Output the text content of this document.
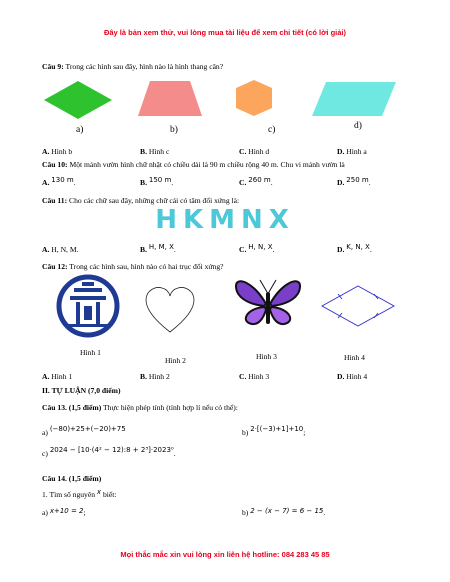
Đây là bản xem thử, vui lòng mua tài liệu để xem chi tiết (có lời giải)
Câu 9: Trong các hình sau đây, hình nào là hình thang cân?
a)	b)	c)	d)
A. Hình b	B. Hình c	C. Hình d	D. Hình a
Câu 10: Một mảnh vườn hình chữ nhật có chiều dài là 90 m chiều rộng 40 m. Chu vi mảnh vườn là
A. 130 m.	B. 150 m.	C. 260 m.	D. 250 m.
Câu 11: Cho các chữ sau đây, những chữ cái có tâm đối xứng là:
HKMNX
A. H, N, M.	B. H, M, X.	C. H, N, X.	D. K, N, X.
Câu 12: Trong các hình sau, hình nào có hai trục đối xứng?
Hình 1
Hình 2	Hình 3	Hình 4
A. Hình 1	B. Hình 2	C. Hình 3	D. Hình 4
II. TỰ LUẬN (7,0 điểm)
Câu 13. (1,5 điểm) Thực hiện phép tính (tính hợp lí nếu có thể):
a) (−80)+25+(−20)+75	b) 2·[(−3)+1]+10;
c) 2024 − [10·(4² − 12):8 + 2³]·2023⁰.
Câu 14. (1,5 điểm)
1. Tìm số nguyên x biết:
a) x+10 = 2;	b) 2 − (x − 7) = 6 − 15.
Mọi thắc mắc xin vui lòng xin liên hệ hotline: 084 283 45 85
